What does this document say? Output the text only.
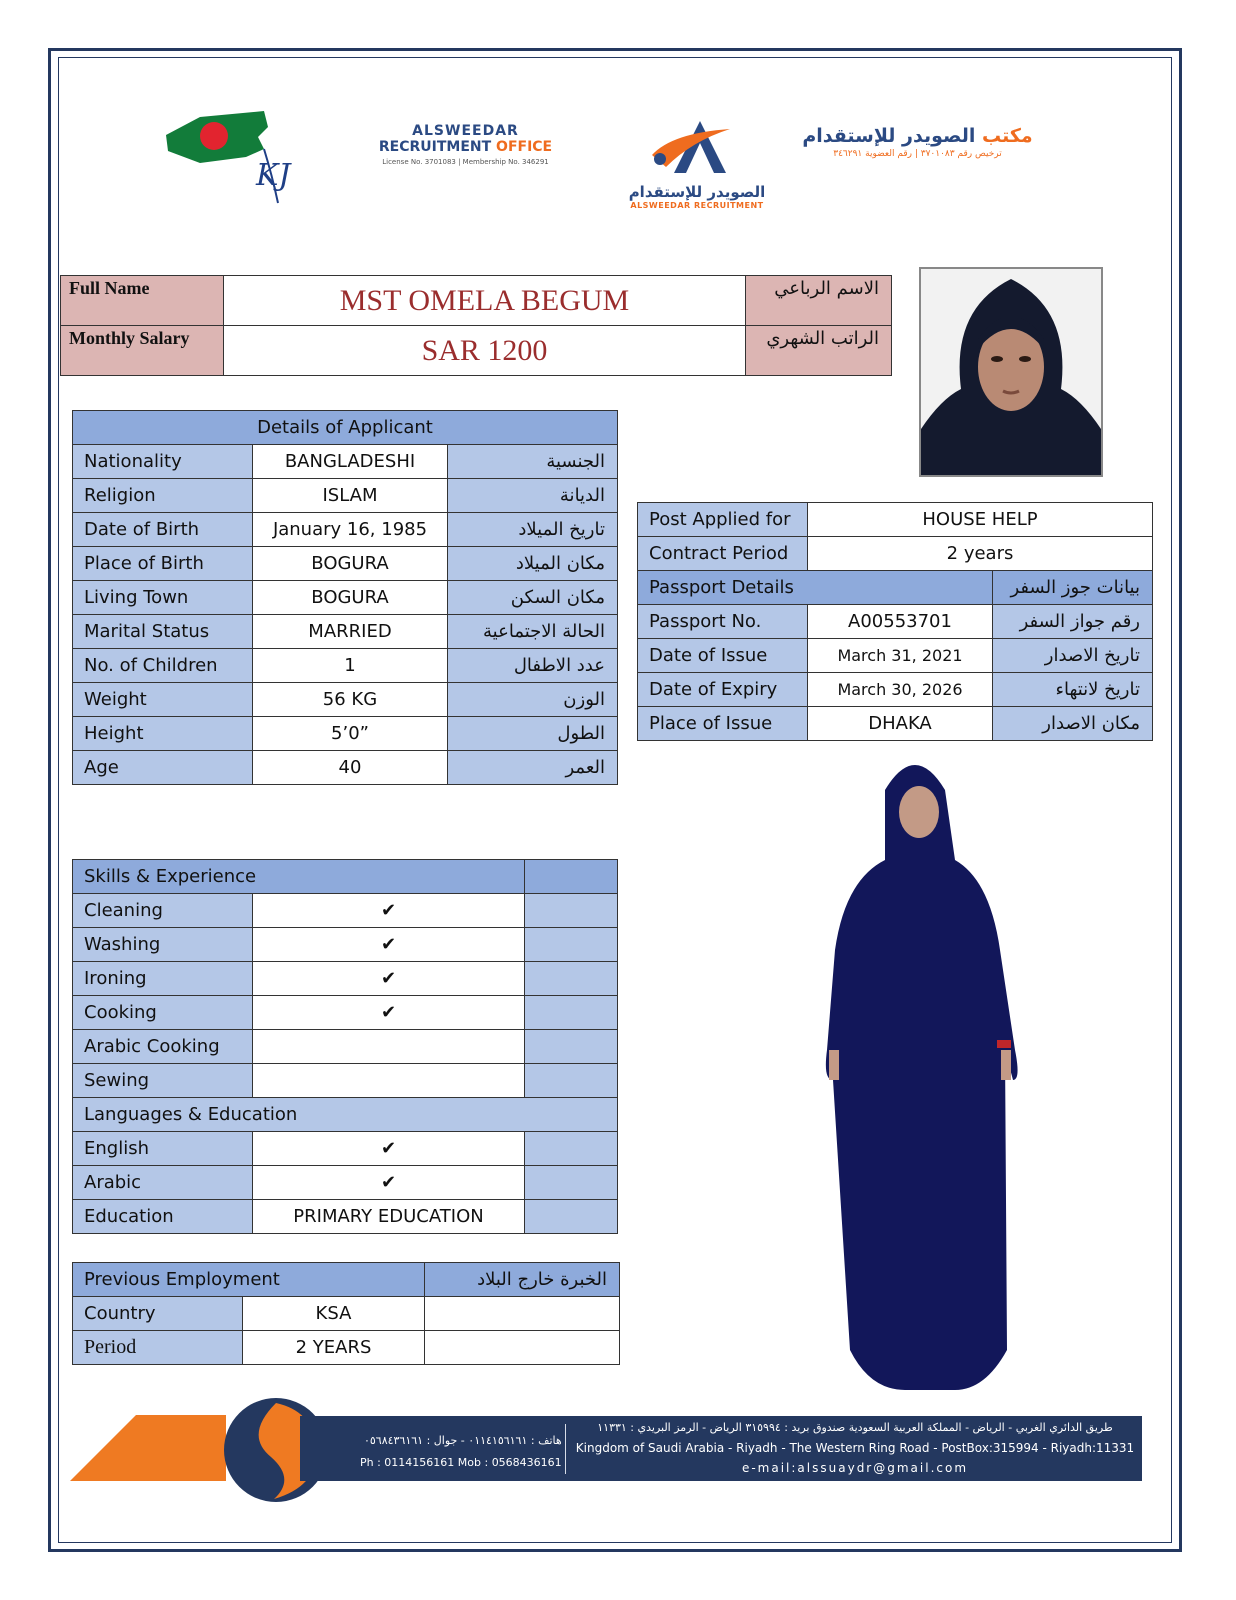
KJ
ALSWEEDAR
RECRUITMENT OFFICE
License No. 3701083 | Membership No. 346291
الصويدر للإستقدام
ALSWEEDAR RECRUITMENT
مكتب الصويدر للإستقدام
ترخيص رقم ٣٧٠١٠٨٣ | رقم العضوية ٣٤٦٢٩١
Full Name	MST OMELA BEGUM	الاسم الرباعي
Monthly Salary	SAR 1200	الراتب الشهري
Details of Applicant		
Nationality	BANGLADESHI	الجنسية
Religion	ISLAM	الديانة
Date of Birth	January 16, 1985	تاريخ الميلاد
Place of Birth	BOGURA	مكان الميلاد
Living Town	BOGURA	مكان السكن
Marital Status	MARRIED	الحالة الاجتماعية
No. of Children	1	عدد الاطفال
Weight	56 KG	الوزن
Height	5’0”	الطول
Age	40	العمر
Post Applied for	HOUSE HELP	
Contract Period	2 years	
Passport Details		بيانات جوز السفر
Passport No.	A00553701	رقم جواز السفر
Date of Issue	March 31, 2021	تاريخ الاصدار
Date of Expiry	March 30, 2026	تاريخ لانتهاء
Place of Issue	DHAKA	مكان الاصدار
Skills & Experience		
Cleaning	✔	
Washing	✔	
Ironing	✔	
Cooking	✔	
Arabic Cooking		
Sewing		
Languages & Education		
English	✔	
Arabic	✔	
Education	PRIMARY EDUCATION	
Previous Employment		الخبرة خارج البلاد
Country	KSA	
Period	2 YEARS	
هاتف : ٠١١٤١٥٦١٦١ - جوال : ٠٥٦٨٤٣٦١٦١
Ph : 0114156161 Mob : 0568436161
طريق الدائري الغربي - الرياض - المملكة العربية السعودية صندوق بريد : ٣١٥٩٩٤ الرياض - الرمز البريدي : ١١٣٣١
Kingdom of Saudi Arabia - Riyadh - The Western Ring Road - PostBox:315994 - Riyadh:11331
e-mail:alssuaydr@gmail.com
